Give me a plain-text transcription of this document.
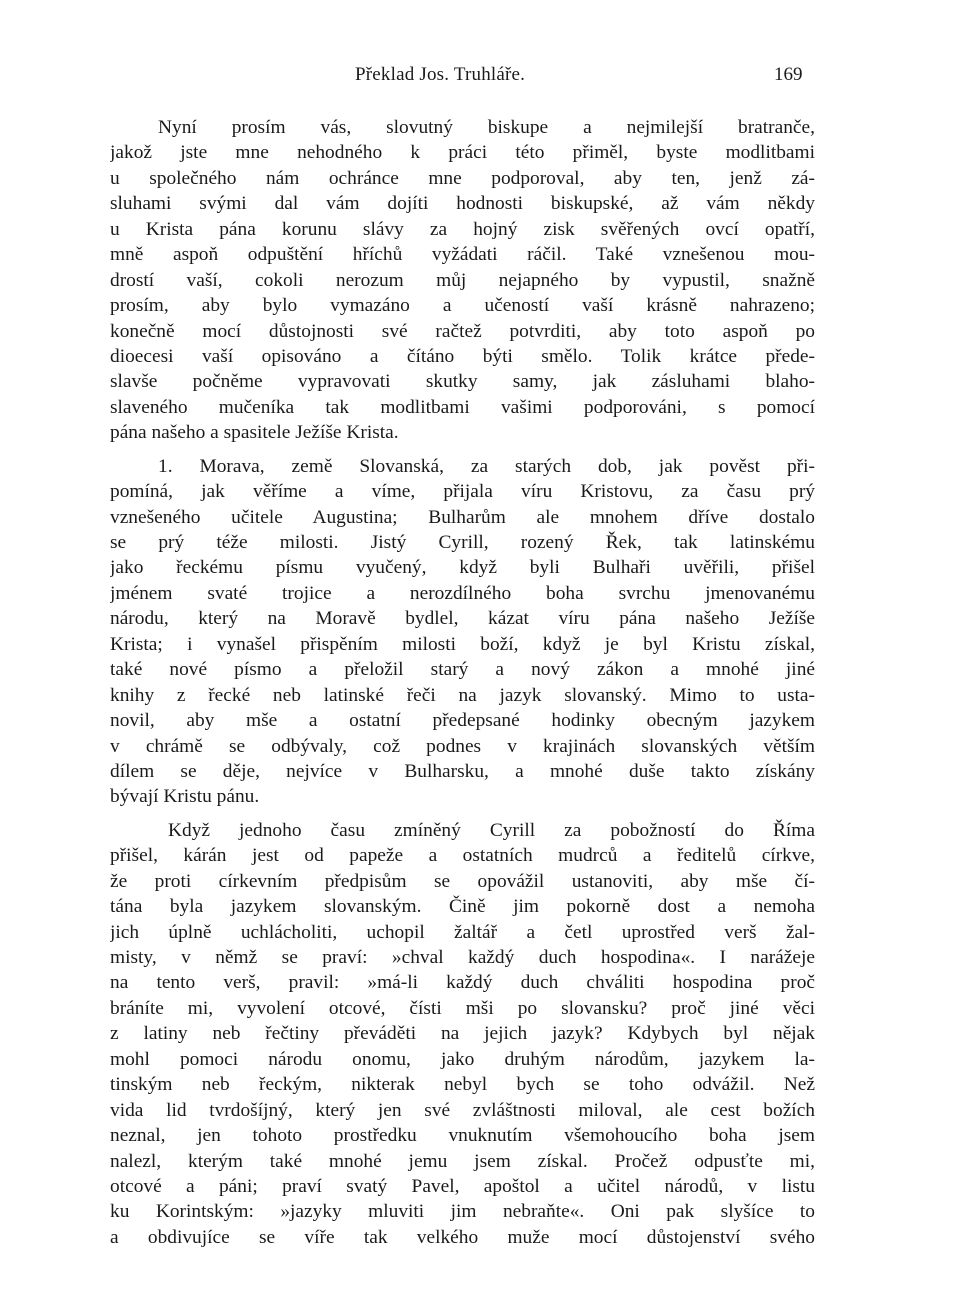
Překlad Jos. Truhláře.	169
Nyní prosím vás, slovutný biskupe a nejmilejší bratranče,
jakož jste mne nehodného k práci této přiměl, byste modlitbami
u společného nám ochránce mne podporoval, aby ten, jenž zá-
sluhami svými dal vám dojíti hodnosti biskupské, až vám někdy
u Krista pána korunu slávy za hojný zisk svěřených ovcí opatří,
mně aspoň odpuštění hříchů vyžádati ráčil. Také vznešenou mou-
drostí vaší, cokoli nerozum můj nejapného by vypustil, snažně
prosím, aby bylo vymazáno a učeností vaší krásně nahrazeno;
konečně mocí důstojnosti své račtež potvrditi, aby toto aspoň po
dioecesi vaší opisováno a čítáno býti smělo. Tolik krátce přede-
slavše počněme vypravovati skutky samy, jak zásluhami blaho-
slaveného mučeníka tak modlitbami vašimi podporováni, s pomocí
pána našeho a spasitele Ježíše Krista.
1. Morava, země Slovanská, za starých dob, jak pověst při-
pomíná, jak věříme a víme, přijala víru Kristovu, za času prý
vznešeného učitele Augustina; Bulharům ale mnohem dříve dostalo
se prý téže milosti. Jistý Cyrill, rozený Řek, tak latinskému
jako řeckému písmu vyučený, když byli Bulhaři uvěřili, přišel
jménem svaté trojice a nerozdílného boha svrchu jmenovanému
národu, který na Moravě bydlel, kázat víru pána našeho Ježíše
Krista; i vynašel přispěním milosti boží, když je byl Kristu získal,
také nové písmo a přeložil starý a nový zákon a mnohé jiné
knihy z řecké neb latinské řeči na jazyk slovanský. Mimo to usta-
novil, aby mše a ostatní předepsané hodinky obecným jazykem
v chrámě se odbývaly, což podnes v krajinách slovanských větším
dílem se děje, nejvíce v Bulharsku, a mnohé duše takto získány
bývají Kristu pánu.
Když jednoho času zmíněný Cyrill za pobožností do Říma
přišel, kárán jest od papeže a ostatních mudrců a ředitelů církve,
že proti církevním předpisům se opovážil ustanoviti, aby mše čí-
tána byla jazykem slovanským. Čině jim pokorně dost a nemoha
jich úplně uchlácholiti, uchopil žaltář a četl uprostřed verš žal-
misty, v němž se praví: »chval každý duch hospodina«. I narážeje
na tento verš, pravil: »má-li každý duch chváliti hospodina proč
bráníte mi, vyvolení otcové, čísti mši po slovansku? proč jiné věci
z latiny neb řečtiny převáděti na jejich jazyk? Kdybych byl nějak
mohl pomoci národu onomu, jako druhým národům, jazykem la-
tinským neb řeckým, nikterak nebyl bych se toho odvážil. Než
vida lid tvrdošíjný, který jen své zvláštnosti miloval, ale cest božích
neznal, jen tohoto prostředku vnuknutím všemohoucího boha jsem
nalezl, kterým také mnohé jemu jsem získal. Pročež odpusťte mi,
otcové a páni; praví svatý Pavel, apoštol a učitel národů, v listu
ku Korintským: »jazyky mluviti jim nebraňte«. Oni pak slyšíce to
a obdivujíce se víře tak velkého muže mocí důstojenství svého
